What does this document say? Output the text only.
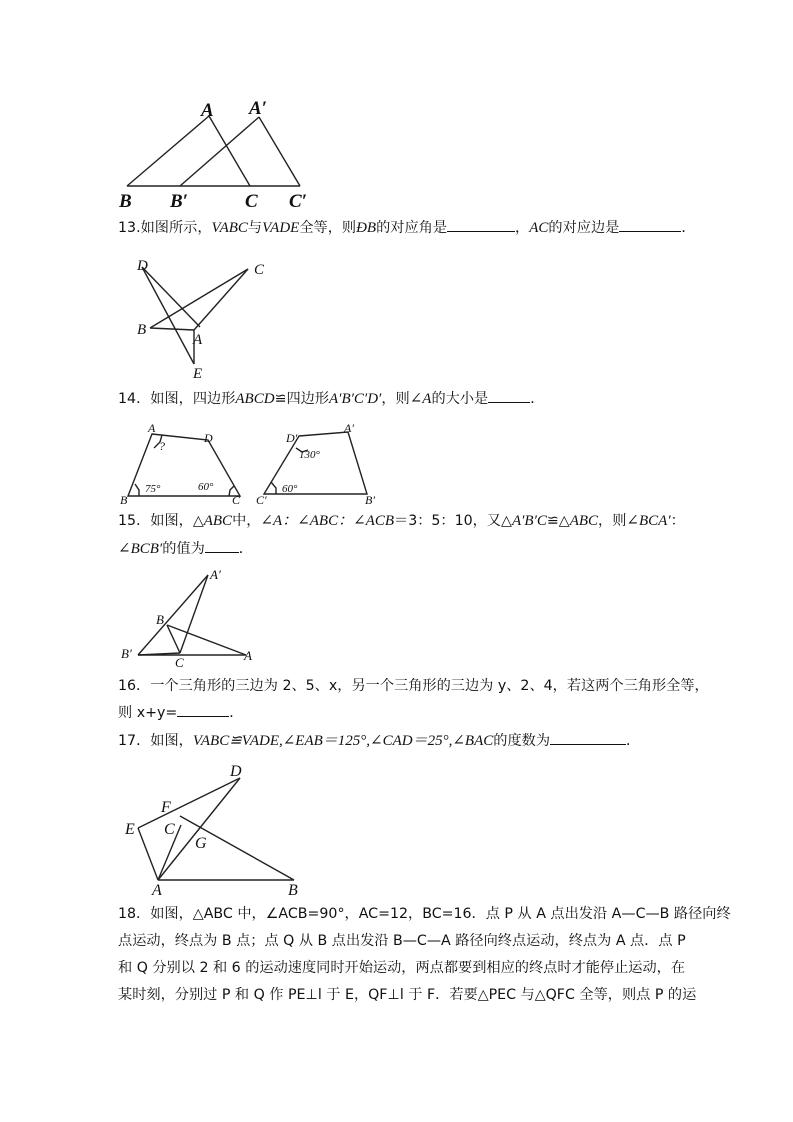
A A′
B B′	C C′
13.如图所示，VABC与VADE全等，则ÐB的对应角是	，AC的对应边是	．
D	C
B
A
E
14．如图，四边形ABCD≌四边形A′B′C′D′，则∠A的大小是	．
A
?
D
B
75°	60°
C
D′
A′
130°
C′
60°
B′
15．如图，△ABC中，∠A：∠ABC：∠ACB＝3：5：10，又△A′B′C≌△ABC，则∠BCA′：
∠BCB′的值为 ．
A′
B
B′
C	A
16．一个三角形的三边为 2、5、x，另一个三角形的三边为 y、2、4，若这两个三角形全等，
则 x+y=	．
17．如图，VABC≌VADE,∠EAB＝125°,∠CAD＝25°,∠BAC的度数为	．
D
F
E C
G
A	B
18．如图，△ABC 中，∠ACB=90°，AC=12，BC=16．点 P 从 A 点出发沿 A—C—B 路径向终
点运动，终点为 B 点；点 Q 从 B 点出发沿 B—C—A 路径向终点运动，终点为 A 点．点 P
和 Q 分别以 2 和 6 的运动速度同时开始运动，两点都要到相应的终点时才能停止运动，在
某时刻，分别过 P 和 Q 作 PE⊥l 于 E，QF⊥l 于 F．若要△PEC 与△QFC 全等，则点 P 的运
